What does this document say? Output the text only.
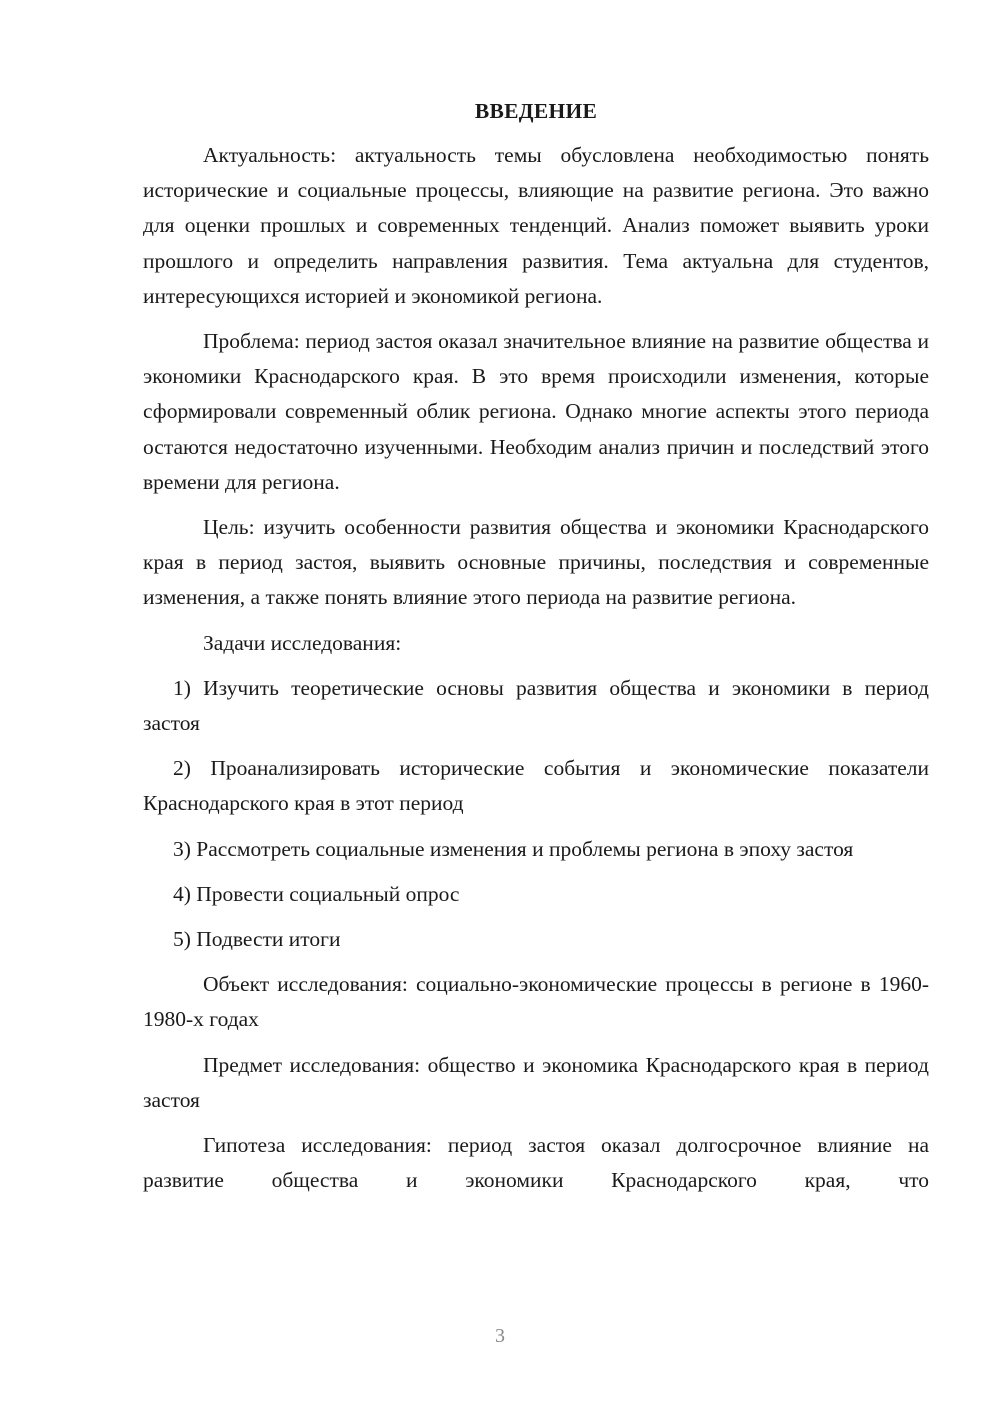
ВВЕДЕНИЕ

Актуальность: актуальность темы обусловлена необходимостью понять исторические и социальные процессы, влияющие на развитие региона. Это важно для оценки прошлых и современных тенденций. Анализ поможет выявить уроки прошлого и определить направления развития. Тема актуальна для студентов, интересующихся историей и экономикой региона.

Проблема: период застоя оказал значительное влияние на развитие общества и экономики Краснодарского края. В это время происходили изменения, которые сформировали современный облик региона. Однако многие аспекты этого периода остаются недостаточно изученными. Необходим анализ причин и последствий этого времени для региона.

Цель: изучить особенности развития общества и экономики Краснодарского края в период застоя, выявить основные причины, последствия и современные изменения, а также понять влияние этого периода на развитие региона.

Задачи исследования:

1) Изучить теоретические основы развития общества и экономики в период застоя

2) Проанализировать исторические события и экономические показатели Краснодарского края в этот период

3) Рассмотреть социальные изменения и проблемы региона в эпоху застоя

4) Провести социальный опрос

5) Подвести итоги

Объект исследования: социально-экономические процессы в регионе в 1960-1980-х годах

Предмет исследования: общество и экономика Краснодарского края в период застоя

Гипотеза исследования: период застоя оказал долгосрочное влияние на развитие общества и экономики Краснодарского края, что

3
